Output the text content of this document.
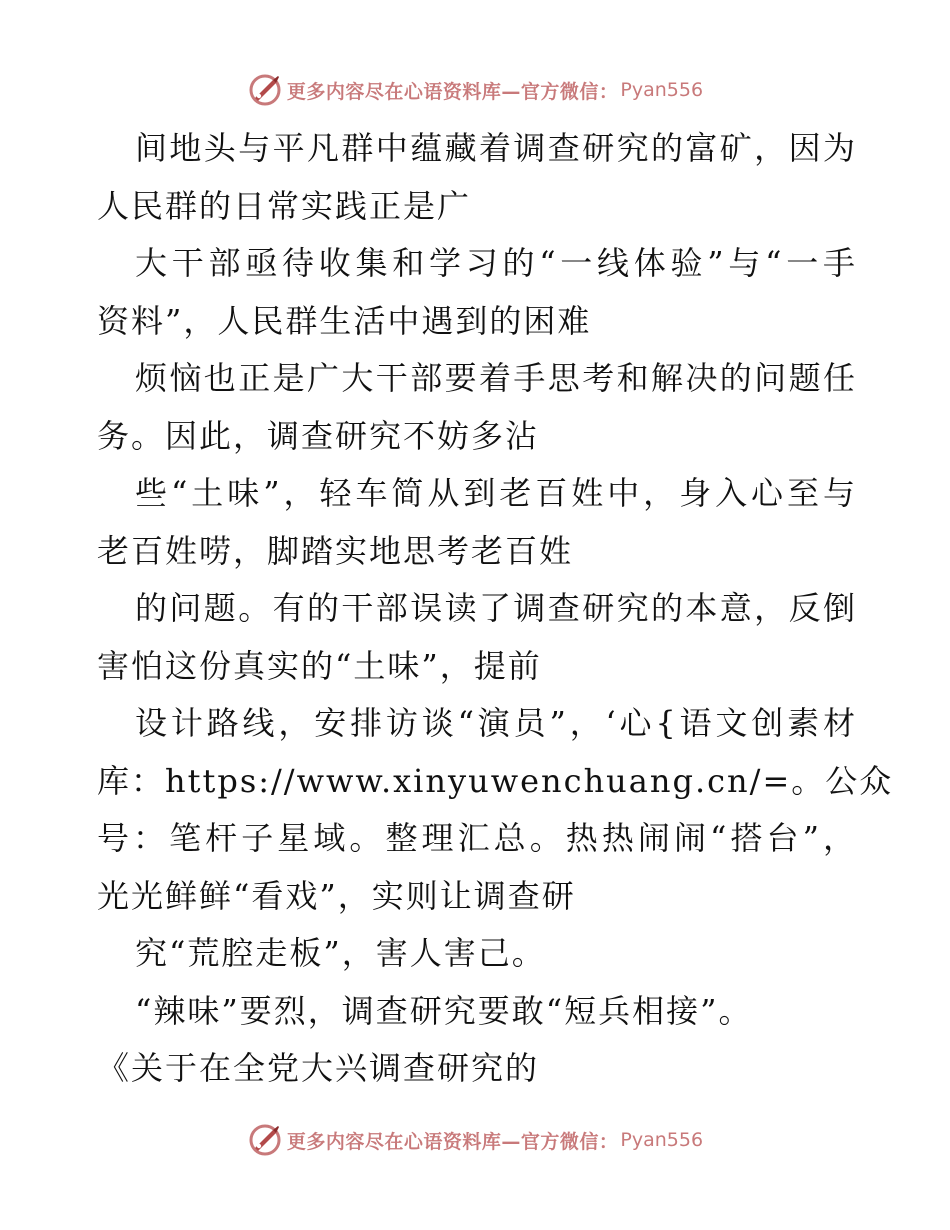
更多内容尽在心语资料库—官方微信： Pyan556
间地头与平凡群中蕴藏着调查研究的富矿，因为
人民群的日常实践正是广
大干部亟待收集和学习的“一线体验”与“一手
资料”，人民群生活中遇到的困难
烦恼也正是广大干部要着手思考和解决的问题任
务。因此，调查研究不妨多沾
些“土味”，轻车简从到老百姓中，身入心至与
老百姓唠，脚踏实地思考老百姓
的问题。有的干部误读了调查研究的本意，反倒
害怕这份真实的“土味”，提前
设计路线，安排访谈“演员”，‘心{语文创素材
库：https://www.xinyuwenchuang.cn/=。公众
号：笔杆子星域。整理汇总。热热闹闹“搭台”，
光光鲜鲜“看戏”，实则让调查研
究“荒腔走板”，害人害己。
“辣味”要烈，调查研究要敢“短兵相接”。
《关于在全党大兴调查研究的
更多内容尽在心语资料库—官方微信： Pyan556
